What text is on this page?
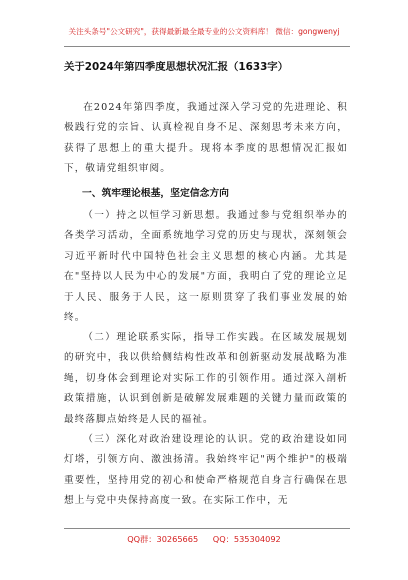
关注头条号"公文研究"，获得最新最全最专业的公文资料库！ 微信：gongwenyj
关于2024年第四季度思想状况汇报（1633字）

在2024年第四季度，我通过深入学习党的先进理论、积极践行党的宗旨、认真检视自身不足、深刻思考未来方向，获得了思想上的重大提升。现将本季度的思想情况汇报如下，敬请党组织审阅。

一、筑牢理论根基，坚定信念方向

（一）持之以恒学习新思想。我通过参与党组织举办的各类学习活动，全面系统地学习党的历史与现状，深刻领会习近平新时代中国特色社会主义思想的核心内涵。尤其是在"坚持以人民为中心的发展"方面，我明白了党的理论立足于人民、服务于人民，这一原则贯穿了我们事业发展的始终。

（二）理论联系实际，指导工作实践。在区域发展规划的研究中，我以供给侧结构性改革和创新驱动发展战略为准绳，切身体会到理论对实际工作的引领作用。通过深入剖析政策措施，认识到创新是破解发展难题的关键力量而政策的最终落脚点始终是人民的福祉。

（三）深化对政治建设理论的认识。党的政治建设如同灯塔，引领方向、激浊扬清。我始终牢记"两个维护"的极端重要性，坚持用党的初心和使命严格规范自身言行确保在思想上与党中央保持高度一致。在实际工作中，无

QQ群：30265665 QQ：535304092
